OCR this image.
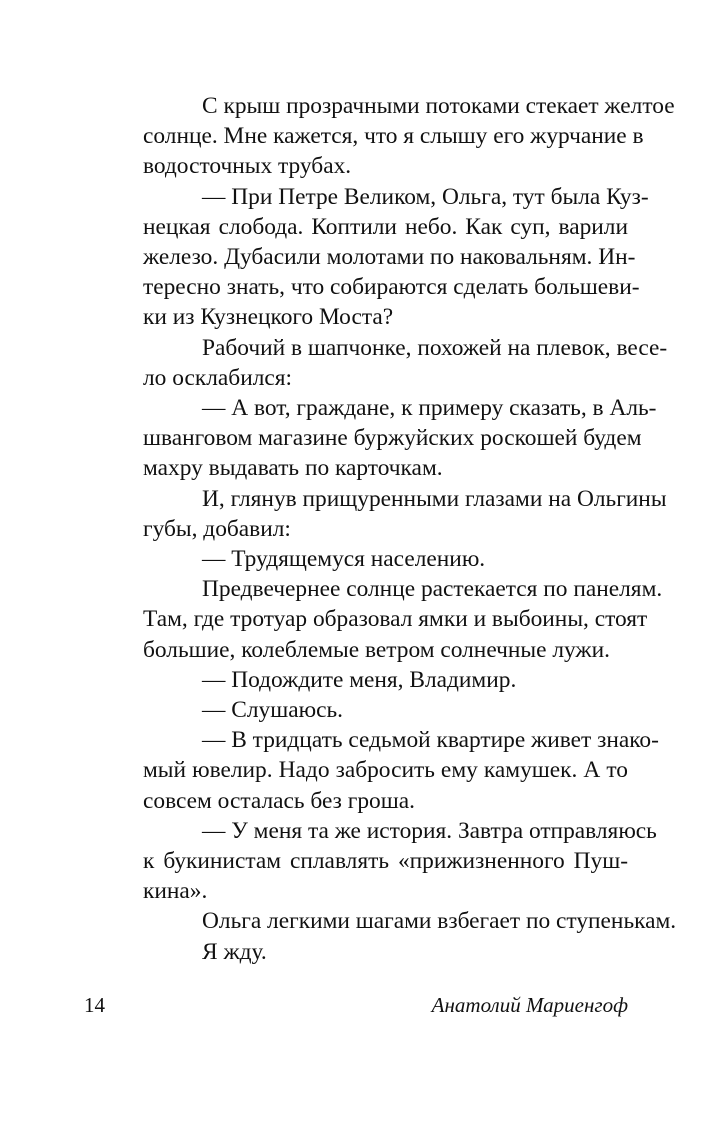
С крыш прозрачными потоками стекает желтое
солнце. Мне кажется, что я слышу его журчание в
водосточных трубах.
— При Петре Великом, Ольга, тут была Куз-
нецкая слобода. Коптили небо. Как суп, варили
железо. Дубасили молотами по наковальням. Ин-
тересно знать, что собираются сделать большеви-
ки из Кузнецкого Моста?
Рабочий в шапчонке, похожей на плевок, весе-
ло осклабился:
— А вот, граждане, к примеру сказать, в Аль-
шванговом магазине буржуйских роскошей будем
махру выдавать по карточкам.
И, глянув прищуренными глазами на Ольгины
губы, добавил:
— Трудящемуся населению.
Предвечернее солнце растекается по панелям.
Там, где тротуар образовал ямки и выбоины, стоят
большие, колеблемые ветром солнечные лужи.
— Подождите меня, Владимир.
— Слушаюсь.
— В тридцать седьмой квартире живет знако-
мый ювелир. Надо забросить ему камушек. А то
совсем осталась без гроша.
— У меня та же история. Завтра отправляюсь
к букинистам сплавлять «прижизненного Пуш-
кина».
Ольга легкими шагами взбегает по ступенькам.
Я жду.
14	Анатолий Мариенгоф
